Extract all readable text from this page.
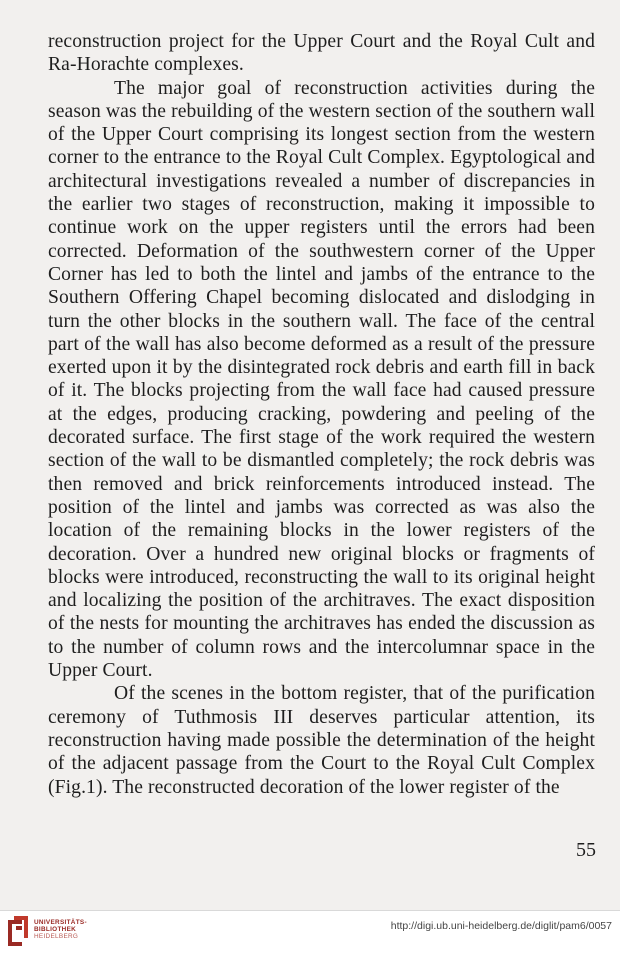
reconstruction project for the Upper Court and the Royal Cult and Ra-Horachte complexes.

The major goal of reconstruction activities during the season was the rebuilding of the western section of the southern wall of the Upper Court comprising its longest section from the western corner to the entrance to the Royal Cult Complex. Egyptological and architectural investigations revealed a number of discrepancies in the earlier two stages of reconstruction, making it impossible to continue work on the upper registers until the errors had been corrected. Deformation of the southwestern corner of the Upper Corner has led to both the lintel and jambs of the entrance to the Southern Offering Chapel becoming dislocated and dislodging in turn the other blocks in the southern wall. The face of the central part of the wall has also become deformed as a result of the pressure exerted upon it by the disintegrated rock debris and earth fill in back of it. The blocks projecting from the wall face had caused pressure at the edges, producing cracking, powdering and peeling of the decorated surface. The first stage of the work required the western section of the wall to be dismantled completely; the rock debris was then removed and brick reinforcements introduced instead. The position of the lintel and jambs was corrected as was also the location of the remaining blocks in the lower registers of the decoration. Over a hundred new original blocks or fragments of blocks were introduced, reconstructing the wall to its original height and localizing the position of the architraves. The exact disposition of the nests for mounting the architraves has ended the discussion as to the number of column rows and the intercolumnar space in the Upper Court.

Of the scenes in the bottom register, that of the purification ceremony of Tuthmosis III deserves particular attention, its reconstruction having made possible the determination of the height of the adjacent passage from the Court to the Royal Cult Complex (Fig.1). The reconstructed decoration of the lower register of the

55
UNIVERSITÄTS-
BIBLIOTHEK
HEIDELBERG
http://digi.ub.uni-heidelberg.de/diglit/pam6/0057
